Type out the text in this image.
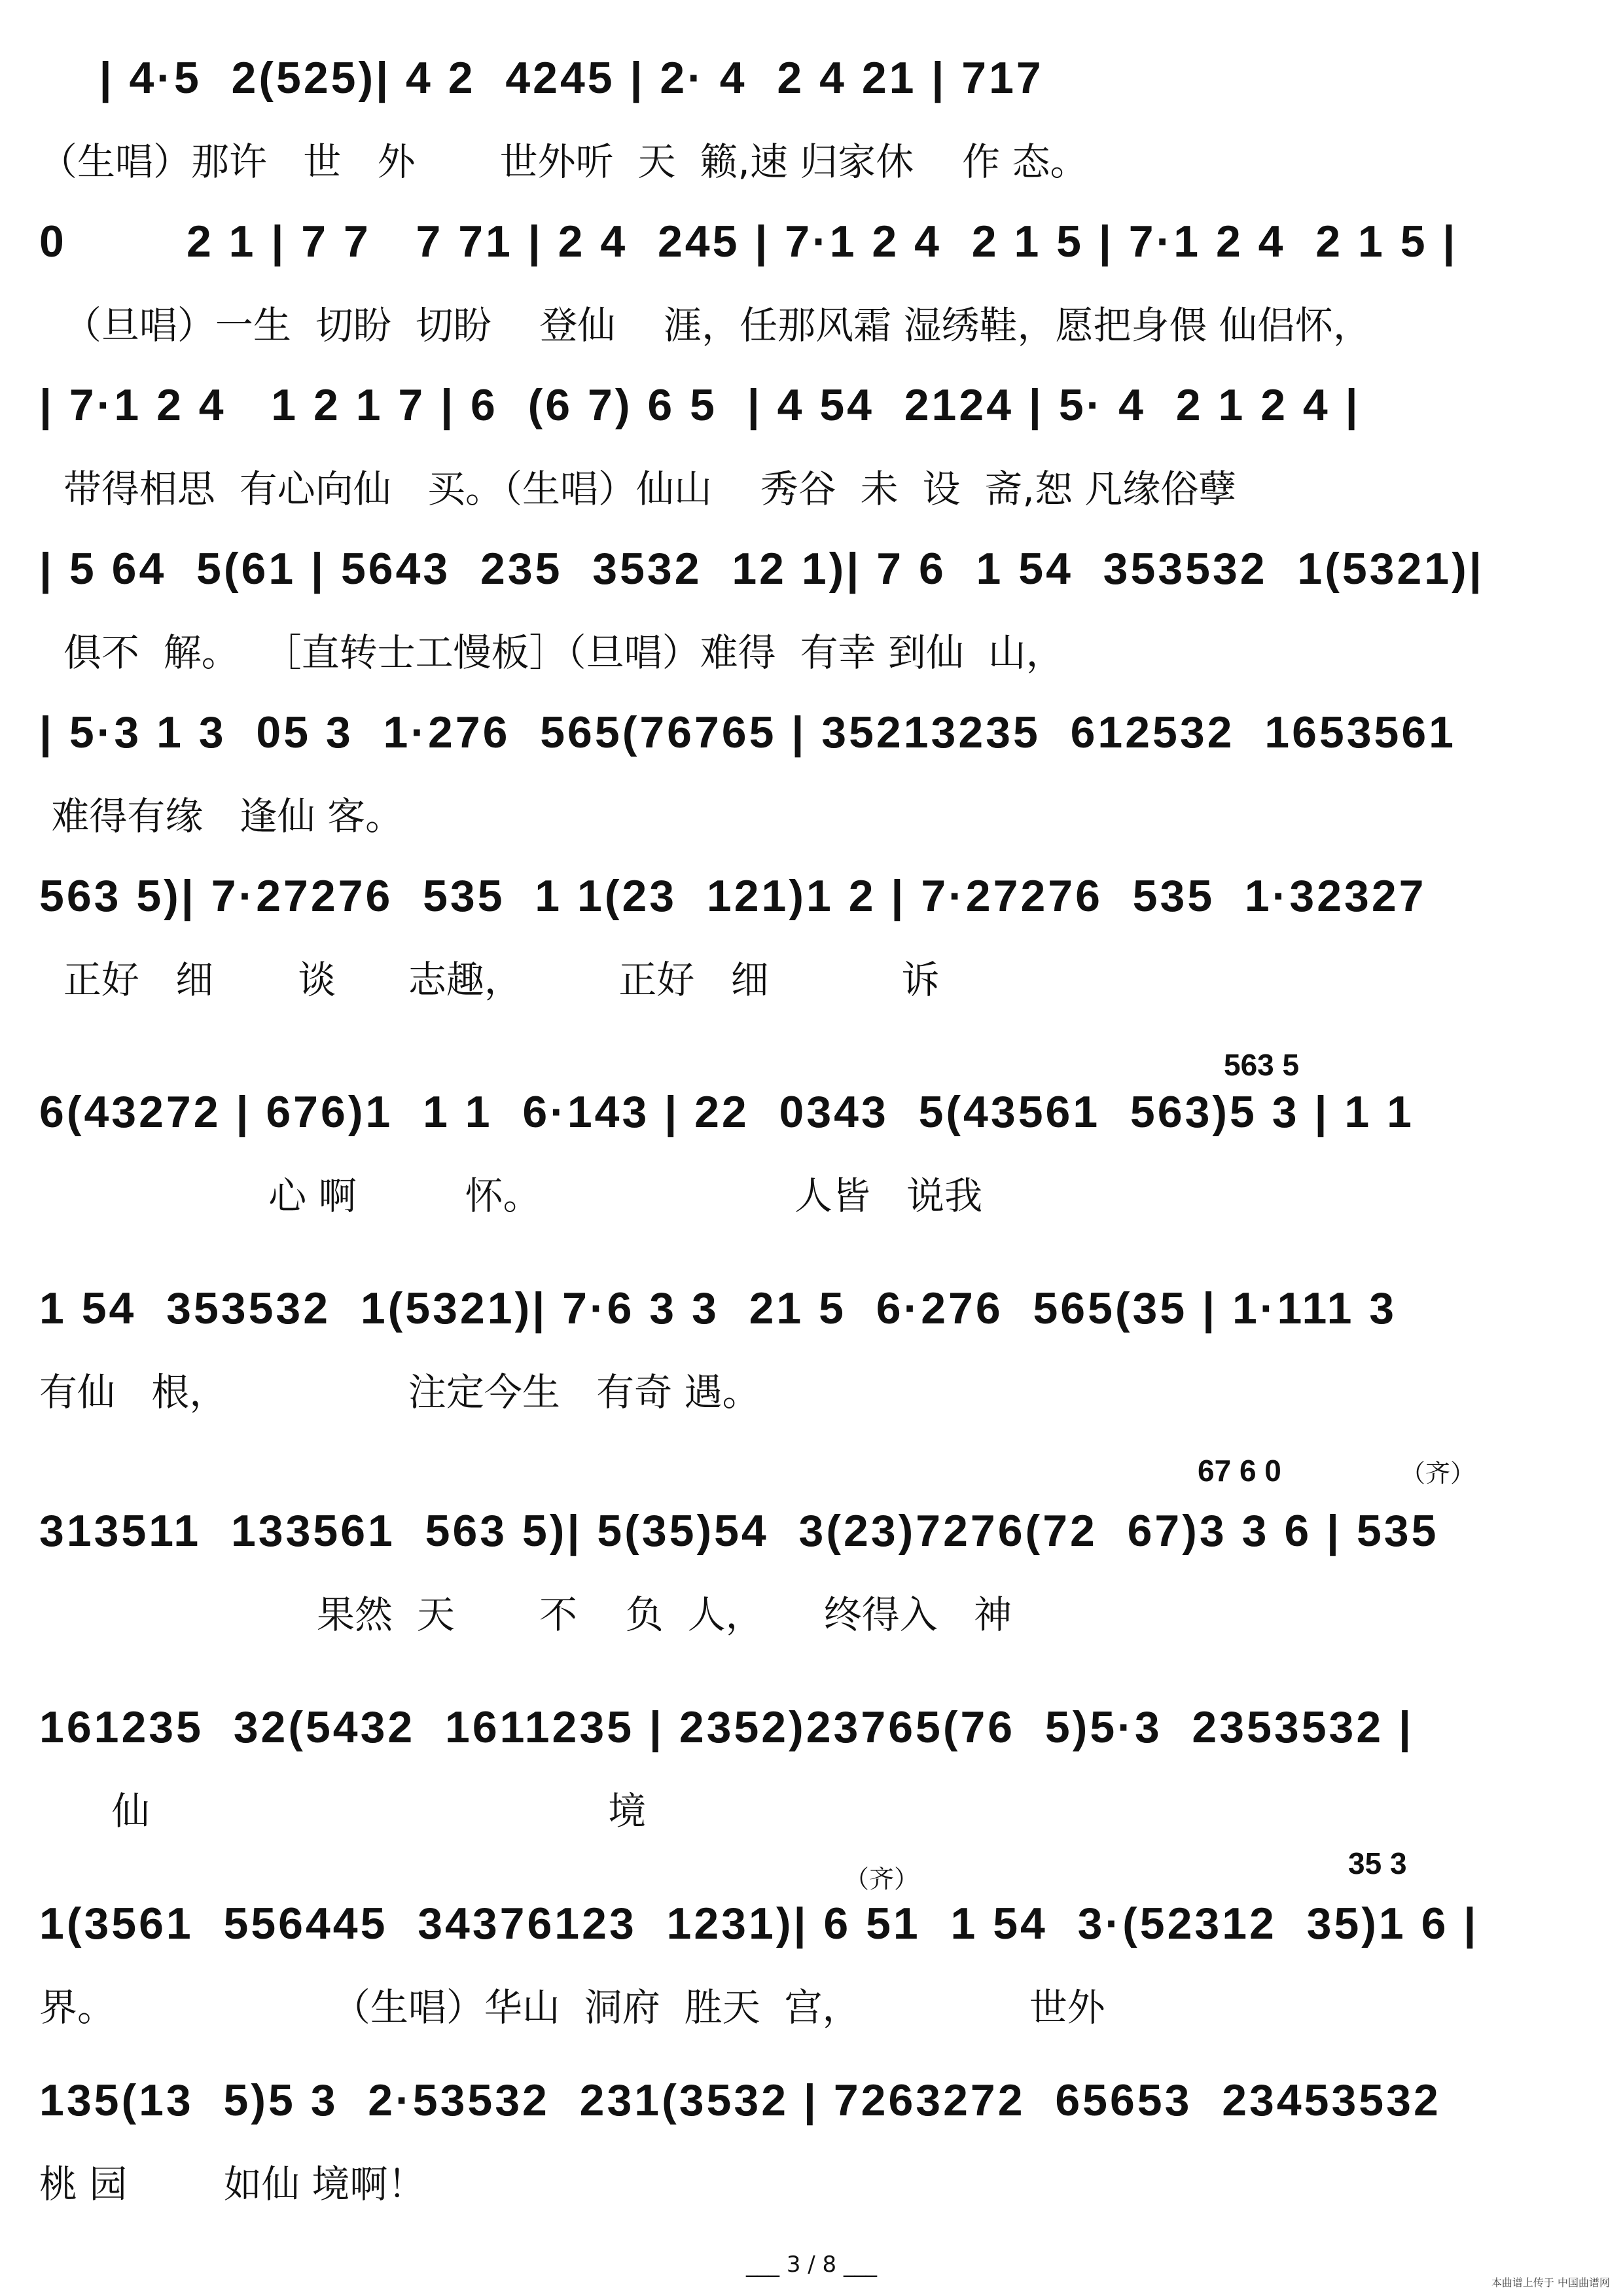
| 4·5  2(525)| 4 2  4245 | 2· 4  2 4 21 | 717
（生唱）那许   世   外       世外听  天  籁,速 归家休    作 态。
0        2 1 | 7 7   7 71 | 2 4  245 | 7·1 2 4  2 1 5 | 7·1 2 4  2 1 5 |
（旦唱）一生  切盼  切盼    登仙    涯，任那风霜 湿绣鞋，愿把身偎 仙侣怀，
| 7·1 2 4   1 2 1 7 | 6  (6 7) 6 5  | 4 54  2124 | 5· 4  2 1 2 4 |
带得相思  有心向仙   买。（生唱）仙山    秀谷  未  设  斋,恕 凡缘俗孽
| 5 64  5(61 | 5643  235  3532  12 1)| 7 6  1 54  353532  1(5321)|
俱不  解。  ［直转士工慢板］（旦唱）难得  有幸 到仙  山，
| 5·3 1 3  05 3  1·276  565(76765 | 35213235  612532  1653561
难得有缘   逢仙 客。
563 5)| 7·27276  535  1 1(23  121)1 2 | 7·27276  535  1·32327
正好   细       谈      志趣，        正好   细           诉
563 5
6(43272 | 676)1  1 1  6·143 | 22  0343  5(43561  563)5 3 | 1 1
心 啊         怀。                     人皆   说我
1 54  353532  1(5321)| 7·6 3 3  21 5  6·276  565(35 | 1·111 3
有仙   根，               注定今生   有奇 遇。
67 6 0	（齐）
313511  133561  563 5)| 5(35)54  3(23)7276(72  67)3 3 6 | 535
果然  天       不    负  人，     终得入   神
161235  32(5432  1611235 | 2352)23765(76  5)5·3  2353532 |
仙                                      境
（齐）	35 3
1(3561  556445  34376123  1231)| 6 51  1 54  3·(52312  35)1 6 |
界。                  （生唱）华山  洞府  胜天  宫，              世外
135(13  5)5 3  2·53532  231(3532 | 7263272  65653  23453532
桃 园        如仙 境啊！
___ 3 / 8 ___
本曲谱上传于 中国曲谱网
